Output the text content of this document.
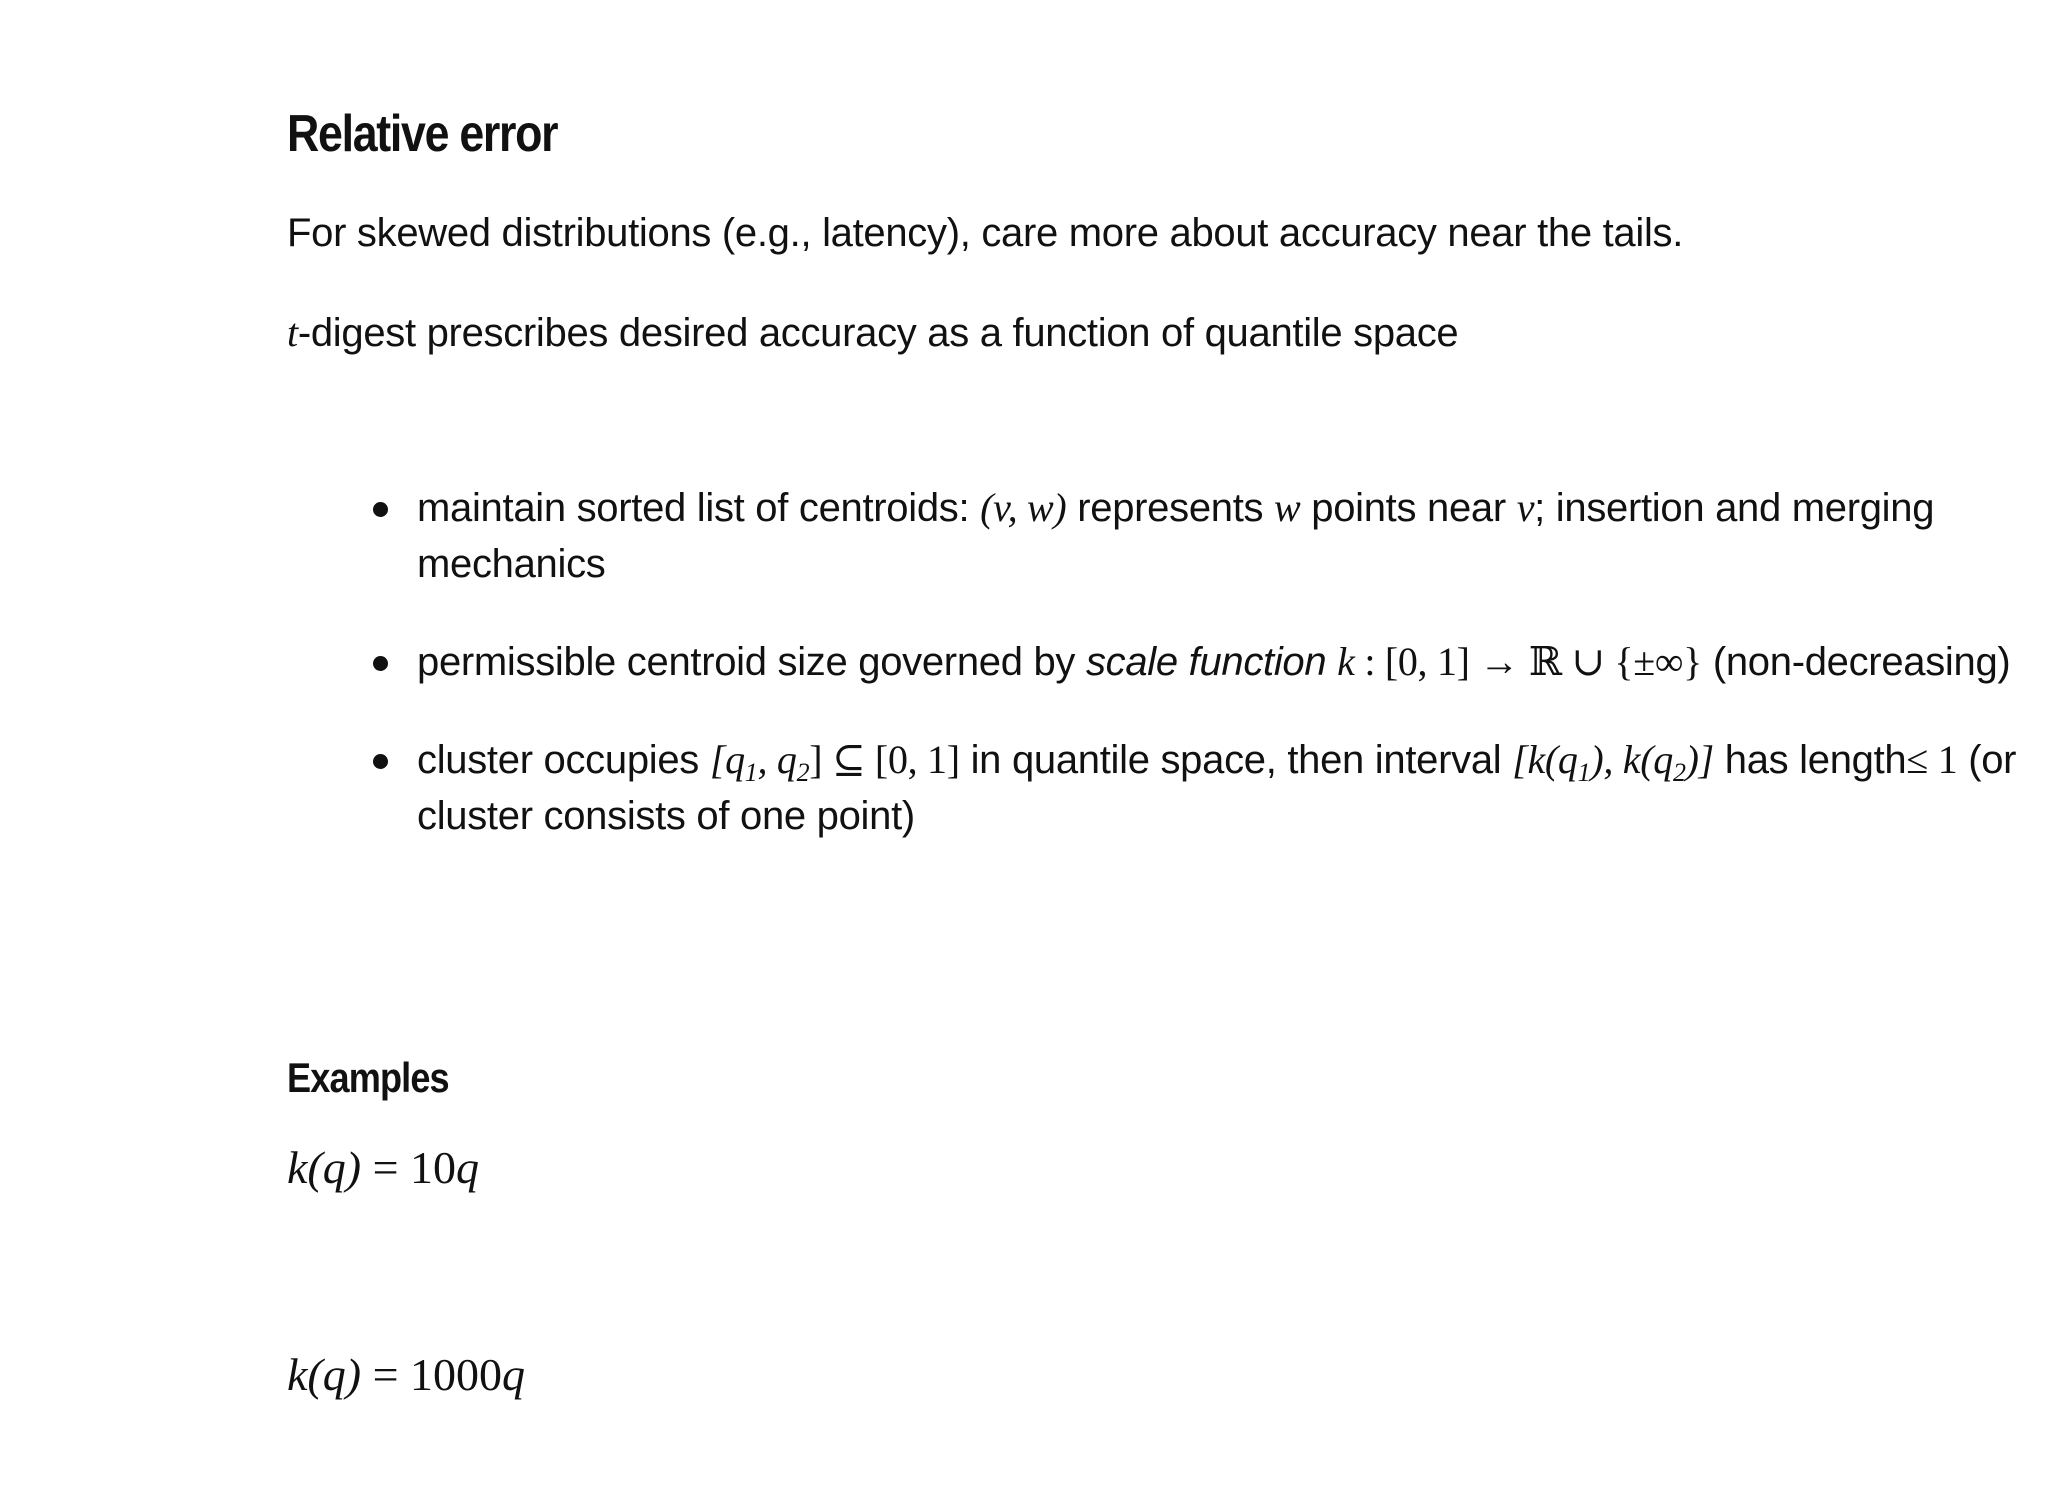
Relative error

For skewed distributions (e.g., latency), care more about accuracy near the tails.

t-digest prescribes desired accuracy as a function of quantile space

maintain sorted list of centroids: (v, w) represents w points near v; insertion and merging mechanics
permissible centroid size governed by scale function k : [0, 1] → ℝ ∪ {±∞} (non-decreasing)
cluster occupies [$q_1$, $q_2$] ⊆ [0, 1] in quantile space, then interval [$k(q_1)$, $k(q_2)$] has length≤ 1 (or cluster consists of one point)
Examples
k(q) = 10q
k(q) = 1000q
